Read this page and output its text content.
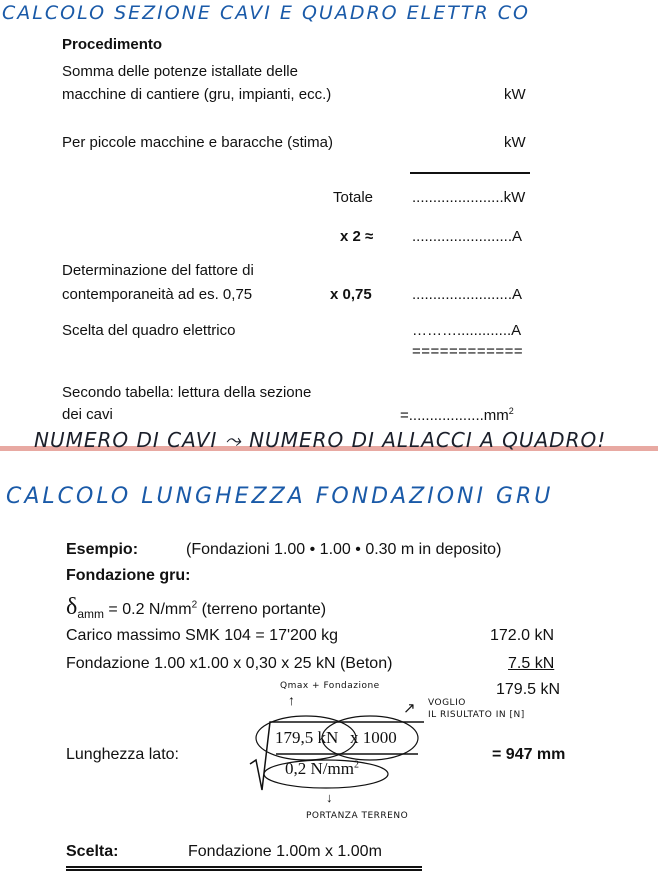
CALCOLO SEZIONE CAVI E QUADRO ELETTR CO
Procedimento
Somma delle potenze istallate delle
macchine di cantiere (gru, impianti, ecc.)	kW
Per piccole macchine e baracche (stima)	kW
Totale	......................kW
x 2 ≈	........................A
Determinazione del fattore di
contemporaneità ad es. 0,75	x 0,75	........................A
Scelta del quadro elettrico	……….............A
============
Secondo tabella: lettura della sezione
dei cavi	$=..................mm^2$
NUMERO DI CAVI ⤳ NUMERO DI ALLACCI A QUADRO!
CALCOLO LUNGHEZZA FONDAZIONI GRU
Esempio:	(Fondazioni 1.00 • 1.00 • 0.30 m in deposito)
Fondazione gru:
$\delta_{amm} = 0.2$ $N/mm^2$ (terreno portante)
Carico massimo SMK 104 = 17'200 kg	172.0 kN
Fondazione 1.00 x1.00 x 0,30 x 25 kN (Beton)	7.5 kN
179.5 kN
Qmax + Fondazione
↑	VOGLIO
IL RISULTATO IN [N]
↗
Lunghezza lato:
179,5 kN x 1000
0,2 $N/mm^2$
= 947 mm
↓
PORTANZA TERRENO
Scelta:	Fondazione 1.00m x 1.00m
